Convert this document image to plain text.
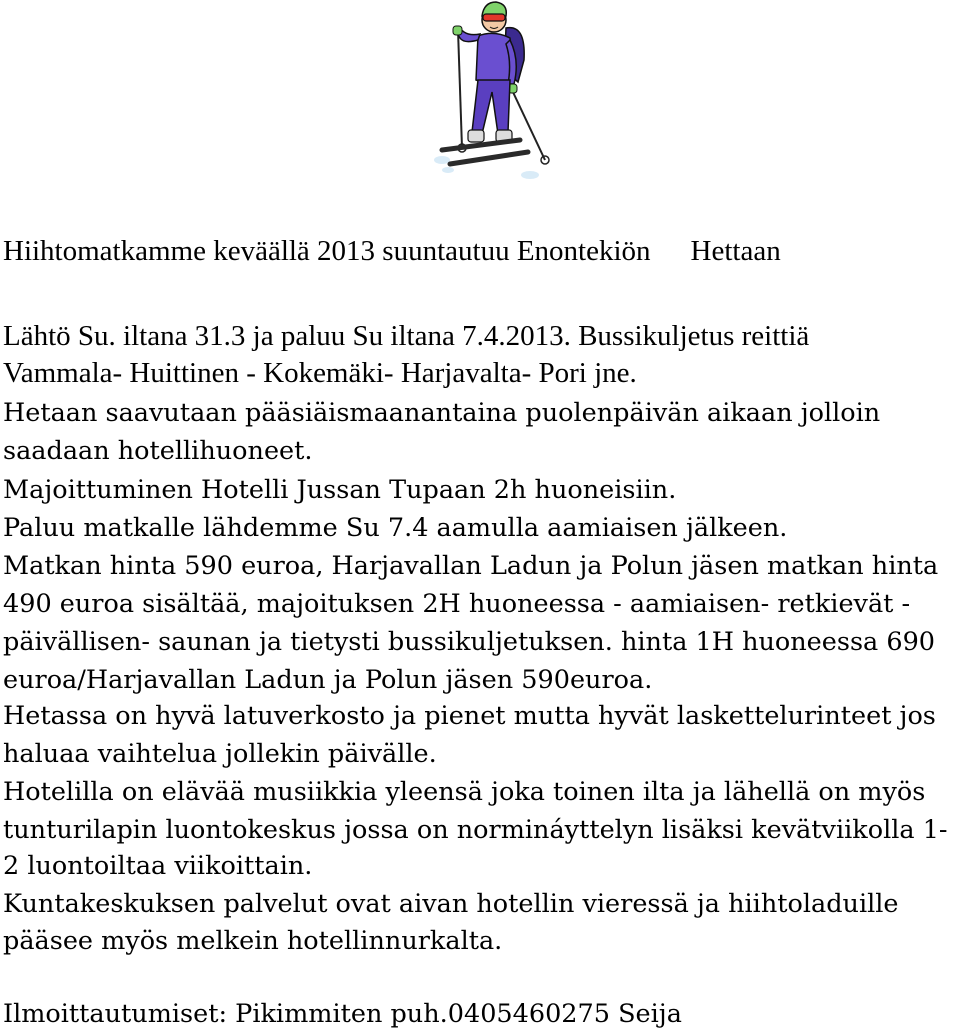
Hiihtomatkamme keväällä 2013 suuntautuu Enontekiön Hettaan
Lähtö Su. iltana 31.3 ja paluu Su iltana 7.4.2013. Bussikuljetus reittiä
Vammala- Huittinen - Kokemäki- Harjavalta- Pori jne.
Hetaan saavutaan pääsiäismaanantaina puolenpäivän aikaan jolloin
saadaan hotellihuoneet.
Majoittuminen Hotelli Jussan Tupaan 2h huoneisiin.
Paluu matkalle lähdemme Su 7.4 aamulla aamiaisen jälkeen.
Matkan hinta 590 euroa, Harjavallan Ladun ja Polun jäsen matkan hinta
490 euroa sisältää, majoituksen 2H huoneessa - aamiaisen- retkievät -
päivällisen- saunan ja tietysti bussikuljetuksen. hinta 1H huoneessa 690
euroa/Harjavallan Ladun ja Polun jäsen 590euroa.
Hetassa on hyvä latuverkosto ja pienet mutta hyvät laskettelurinteet jos
haluaa vaihtelua jollekin päivälle.
Hotelilla on elävää musiikkia yleensä joka toinen ilta ja lähellä on myös
tunturilapin luontokeskus jossa on normináyttelyn lisäksi kevätviikolla 1-
2 luontoiltaa viikoittain.
Kuntakeskuksen palvelut ovat aivan hotellin vieressä ja hiihtoladuille
pääsee myös melkein hotellinnurkalta.
Ilmoittautumiset: Pikimmiten puh.0405460275 Seija
